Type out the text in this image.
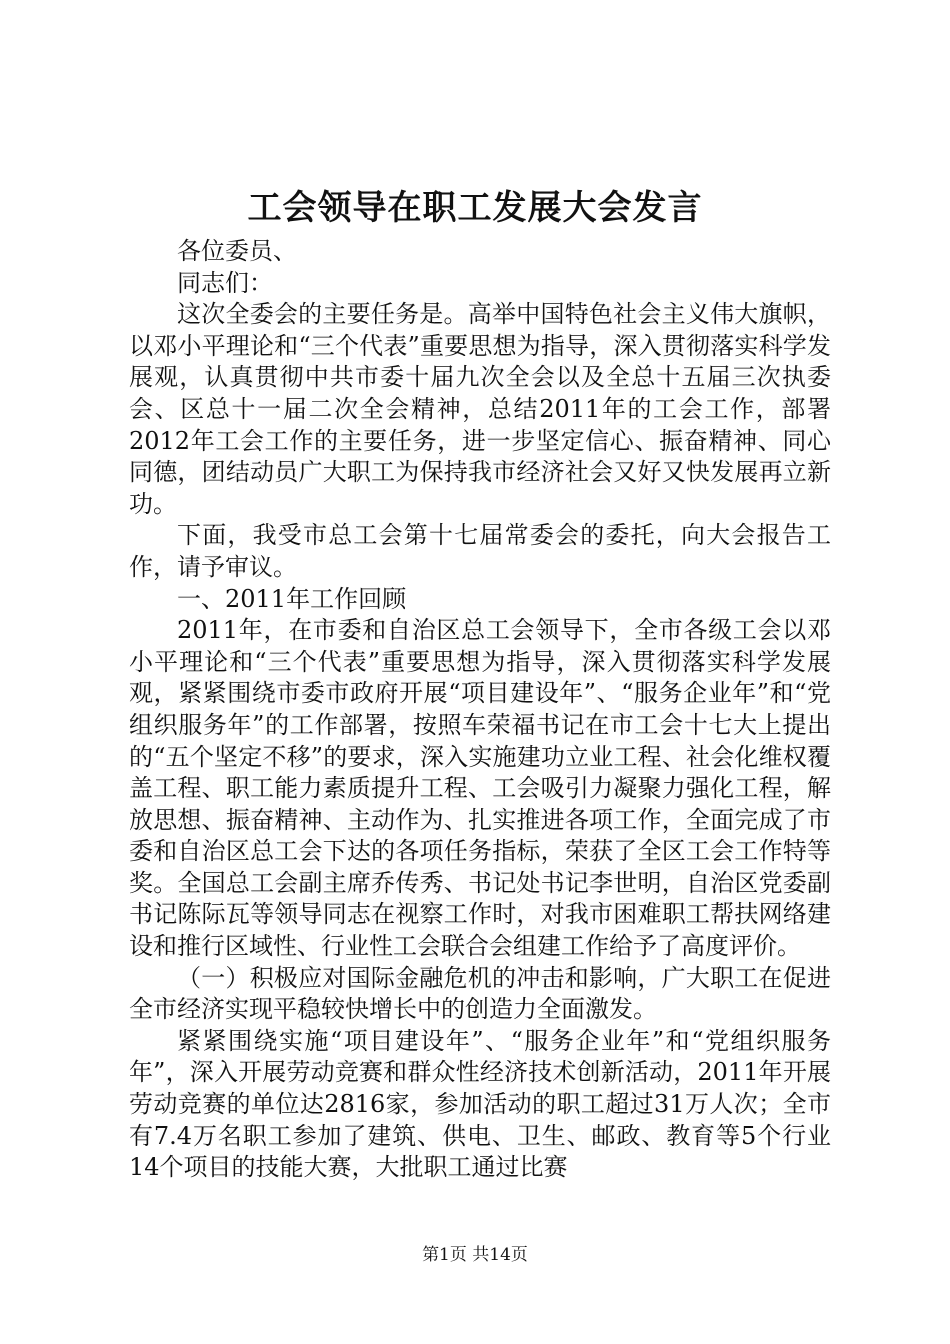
工会领导在职工发展大会发言

各位委员、

同志们：

这次全委会的主要任务是。高举中国特色社会主义伟大旗帜，以邓小平理论和“三个代表”重要思想为指导，深入贯彻落实科学发展观，认真贯彻中共市委十届九次全会以及全总十五届三次执委会、区总十一届二次全会精神，总结2011年的工会工作，部署2012年工会工作的主要任务，进一步坚定信心、振奋精神、同心同德，团结动员广大职工为保持我市经济社会又好又快发展再立新功。

下面，我受市总工会第十七届常委会的委托，向大会报告工作，请予审议。

一、2011年工作回顾

2011年，在市委和自治区总工会领导下，全市各级工会以邓小平理论和“三个代表”重要思想为指导，深入贯彻落实科学发展观，紧紧围绕市委市政府开展“项目建设年”、“服务企业年”和“党组织服务年”的工作部署，按照车荣福书记在市工会十七大上提出的“五个坚定不移”的要求，深入实施建功立业工程、社会化维权覆盖工程、职工能力素质提升工程、工会吸引力凝聚力强化工程，解放思想、振奋精神、主动作为、扎实推进各项工作，全面完成了市委和自治区总工会下达的各项任务指标，荣获了全区工会工作特等奖。全国总工会副主席乔传秀、书记处书记李世明，自治区党委副书记陈际瓦等领导同志在视察工作时，对我市困难职工帮扶网络建设和推行区域性、行业性工会联合会组建工作给予了高度评价。

（一）积极应对国际金融危机的冲击和影响，广大职工在促进全市经济实现平稳较快增长中的创造力全面激发。

紧紧围绕实施“项目建设年”、“服务企业年”和“党组织服务年”，深入开展劳动竞赛和群众性经济技术创新活动，2011年开展劳动竞赛的单位达2816家，参加活动的职工超过31万人次；全市有7.4万名职工参加了建筑、供电、卫生、邮政、教育等5个行业14个项目的技能大赛，大批职工通过比赛

第1页 共14页
